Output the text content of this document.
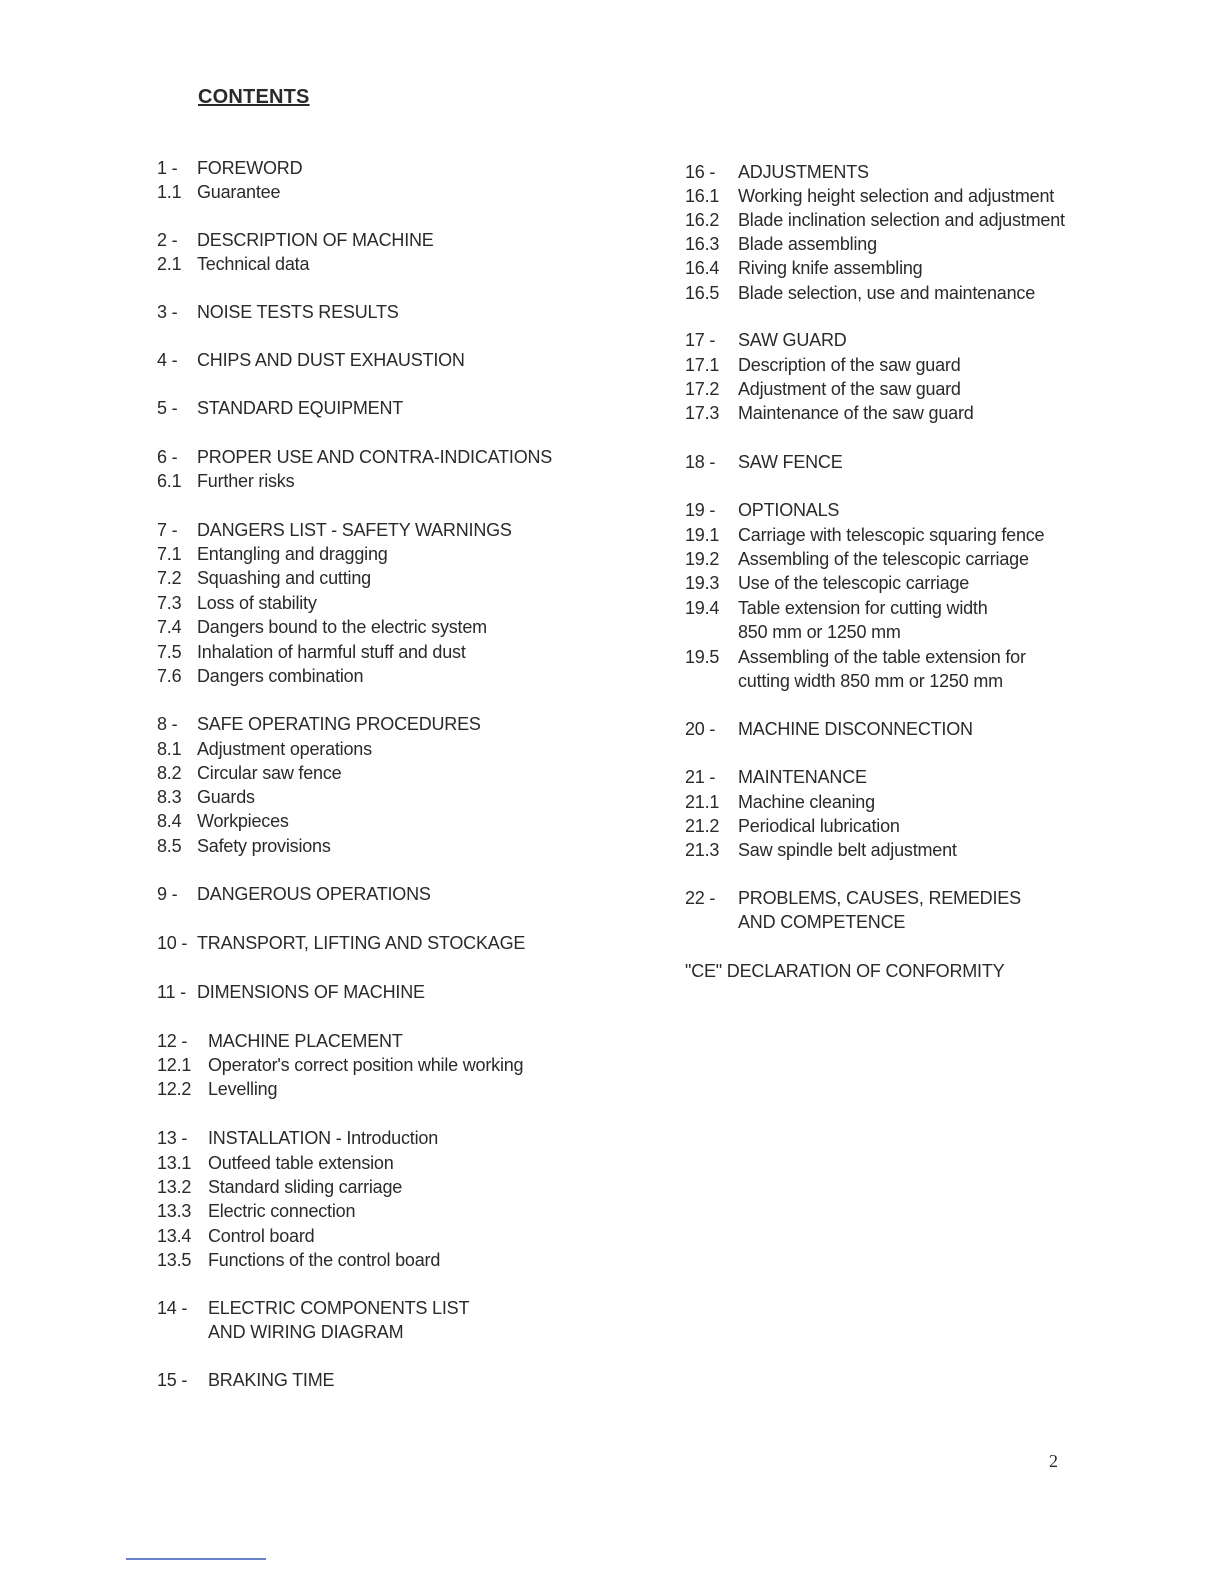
CONTENTS
1 -	FOREWORD
1.1 Guarantee
2 -	DESCRIPTION OF MACHINE
2.1 Technical data
3 -	NOISE TESTS RESULTS
4 -	CHIPS AND DUST EXHAUSTION
5 -	STANDARD EQUIPMENT
6 -	PROPER USE AND CONTRA-INDICATIONS
6.1 Further risks
7 -	DANGERS LIST - SAFETY WARNINGS
7.1 Entangling and dragging
7.2 Squashing and cutting
7.3 Loss of stability
7.4 Dangers bound to the electric system
7.5 Inhalation of harmful stuff and dust
7.6 Dangers combination
8 -	SAFE OPERATING PROCEDURES
8.1 Adjustment operations
8.2 Circular saw fence
8.3 Guards
8.4 Workpieces
8.5 Safety provisions
9 -	DANGEROUS OPERATIONS
10 - TRANSPORT, LIFTING AND STOCKAGE
11 - DIMENSIONS OF MACHINE
12 -	MACHINE PLACEMENT
12.1 Operator's correct position while working
12.2 Levelling
13 -	INSTALLATION - Introduction
13.1 Outfeed table extension
13.2 Standard sliding carriage
13.3 Electric connection
13.4 Control board
13.5 Functions of the control board
14 -	ELECTRIC COMPONENTS LIST
AND WIRING DIAGRAM
15 -	BRAKING TIME
16 -	ADJUSTMENTS
16.1	Working height selection and adjustment
16.2	Blade inclination selection and adjustment
16.3	Blade assembling
16.4	Riving knife assembling
16.5	Blade selection, use and maintenance
17 -	SAW GUARD
17.1	Description of the saw guard
17.2	Adjustment of the saw guard
17.3	Maintenance of the saw guard
18 -	SAW FENCE
19 -	OPTIONALS
19.1	Carriage with telescopic squaring fence
19.2	Assembling of the telescopic carriage
19.3	Use of the telescopic carriage
19.4	Table extension for cutting width
850 mm or 1250 mm
19.5	Assembling of the table extension for
cutting width 850 mm or 1250 mm
20 -	MACHINE DISCONNECTION
21 -	MAINTENANCE
21.1	Machine cleaning
21.2	Periodical lubrication
21.3	Saw spindle belt adjustment
22 -	PROBLEMS, CAUSES, REMEDIES
AND COMPETENCE
"CE" DECLARATION OF CONFORMITY
2
